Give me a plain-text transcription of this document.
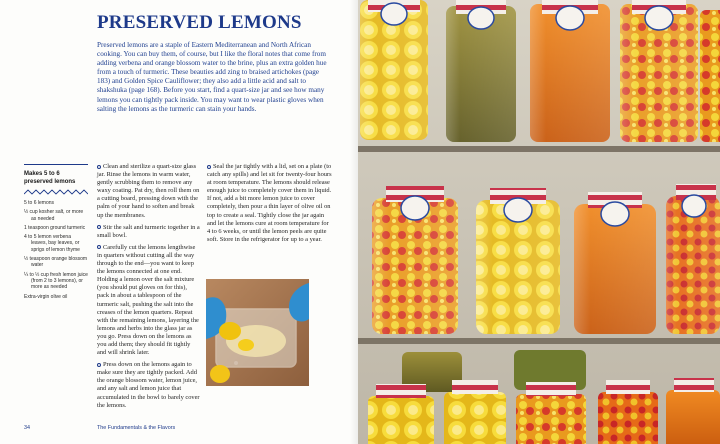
PRESERVED LEMONS

Preserved lemons are a staple of Eastern Mediterranean and North African cooking. You can buy them, of course, but I like the floral notes that come from adding verbena and orange blossom water to the brine, plus an extra golden hue from a touch of turmeric. These beauties add zing to braised artichokes (page 183) and Golden Spice Cauliflower; they also add a little acid and salt to shakshuka (page 168). Before you start, find a quart-size jar and see how many lemons you can tightly pack inside. You may want to wear plastic gloves when salting the lemons as the turmeric can stain your hands.

Makes 5 to 6 preserved lemons

5 to 6 lemons
½ cup kosher salt, or more as needed
1 teaspoon ground turmeric
4 to 5 lemon verbena leaves, bay leaves, or sprigs of lemon thyme
½ teaspoon orange blossom water
¼ to ½ cup fresh lemon juice (from 2 to 3 lemons), or more as needed
Extra-virgin olive oil

Clean and sterilize a quart-size glass jar. Rinse the lemons in warm water, gently scrubbing them to remove any waxy coating. Pat dry, then roll them on a cutting board, pressing down with the palm of your hand to soften and break up the membranes.

Stir the salt and turmeric together in a small bowl.

Carefully cut the lemons lengthwise in quarters without cutting all the way through to the end—you want to keep the lemons connected at one end. Holding a lemon over the salt mixture (you should put gloves on for this), pack in about a tablespoon of the turmeric salt, pushing the salt into the creases of the lemon quarters. Repeat with the remaining lemons, layering the lemons and herbs into the glass jar as you go. Press down on the lemons as you add them; they should fit tightly and will shrink later.

Press down on the lemons again to make sure they are tightly packed. Add the orange blossom water, lemon juice, and any salt and lemon juice that accumulated in the bowl to barely cover the lemons.

Seal the jar tightly with a lid, set on a plate (to catch any spills) and let sit for twenty-four hours at room temperature. The lemons should release enough juice to completely cover them in liquid. If not, add a bit more lemon juice to cover completely, then pour a thin layer of olive oil on top to create a seal. Tightly close the jar again and let the lemons cure at room temperature for 4 to 6 weeks, or until the lemon peels are quite soft. Store in the refrigerator for up to a year.

34	The Fundamentals & the Flavors
